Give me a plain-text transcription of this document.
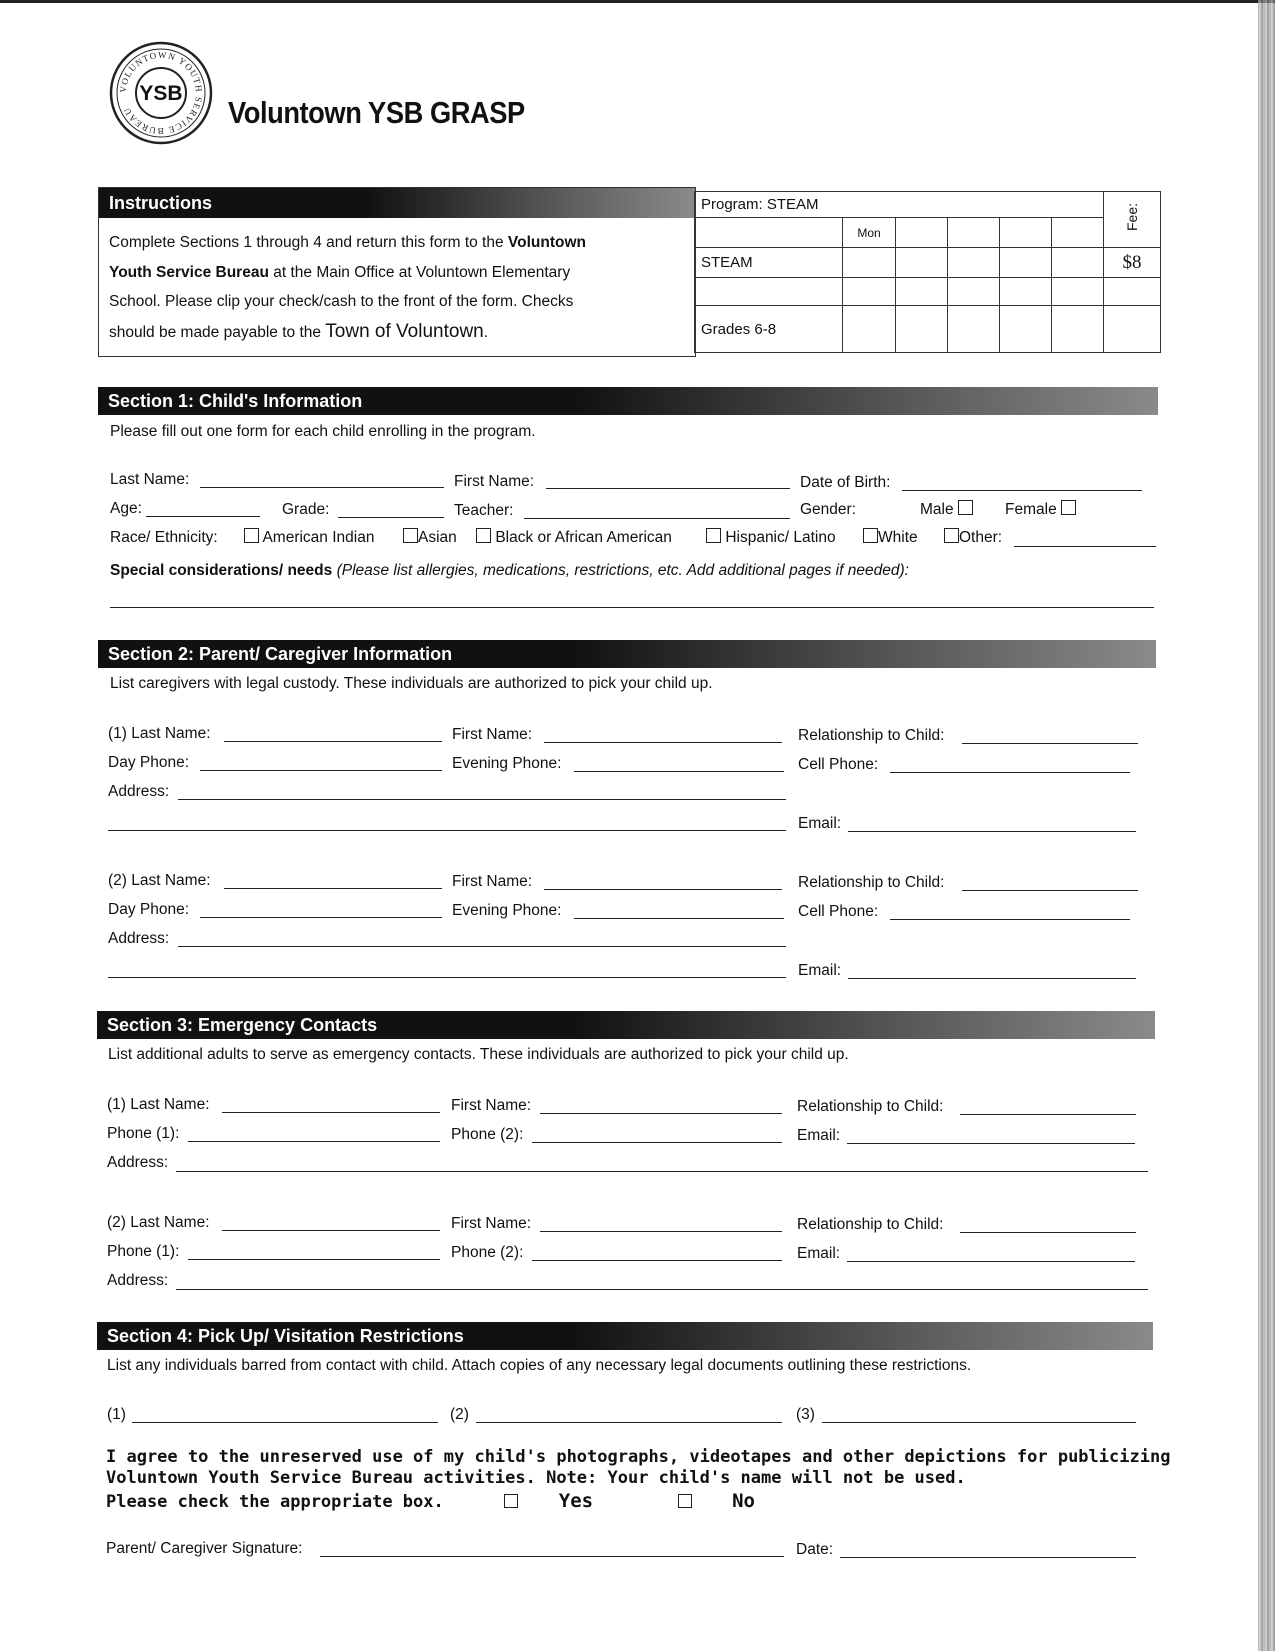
VOLUNTOWN YOUTH SERVICE BUREAU
YSB
Voluntown YSB GRASP
Instructions
Complete Sections 1 through 4 and return this form to the Voluntown
Youth Service Bureau at the Main Office at Voluntown Elementary
School. Please clip your check/cash to the front of the form. Checks
should be made payable to the Town of Voluntown.
Program: STEAM						Fee:
	Mon					
STEAM						$8

Grades 6-8						
Section 1: Child's Information
Please fill out one form for each child enrolling in the program.
Last Name:	First Name:	Date of Birth:
Age:	Grade:	Teacher:	Gender:	Male	Female
Race/ Ethnicity:	American Indian	Asian	Black or African American	Hispanic/ Latino	White	Other:
Special considerations/ needs (Please list allergies, medications, restrictions, etc. Add additional pages if needed):
Section 2: Parent/ Caregiver Information
List caregivers with legal custody. These individuals are authorized to pick your child up.
(1) Last Name:	First Name:	Relationship to Child:
Day Phone:	Evening Phone:	Cell Phone:
Address:
Email:
(2) Last Name:	First Name:	Relationship to Child:
Day Phone:	Evening Phone:	Cell Phone:
Address:
Email:
Section 3: Emergency Contacts
List additional adults to serve as emergency contacts. These individuals are authorized to pick your child up.
(1) Last Name:	First Name:	Relationship to Child:
Phone (1):	Phone (2):	Email:
Address:
(2) Last Name:	First Name:	Relationship to Child:
Phone (1):	Phone (2):	Email:
Address:
Section 4: Pick Up/ Visitation Restrictions
List any individuals barred from contact with child. Attach copies of any necessary legal documents outlining these restrictions.
(1)	(2)	(3)
I agree to the unreserved use of my child's photographs, videotapes and other depictions for publicizing
Voluntown Youth Service Bureau activities. Note: Your child's name will not be used.
Please check the appropriate box.	Yes	No
Parent/ Caregiver Signature:	Date:
